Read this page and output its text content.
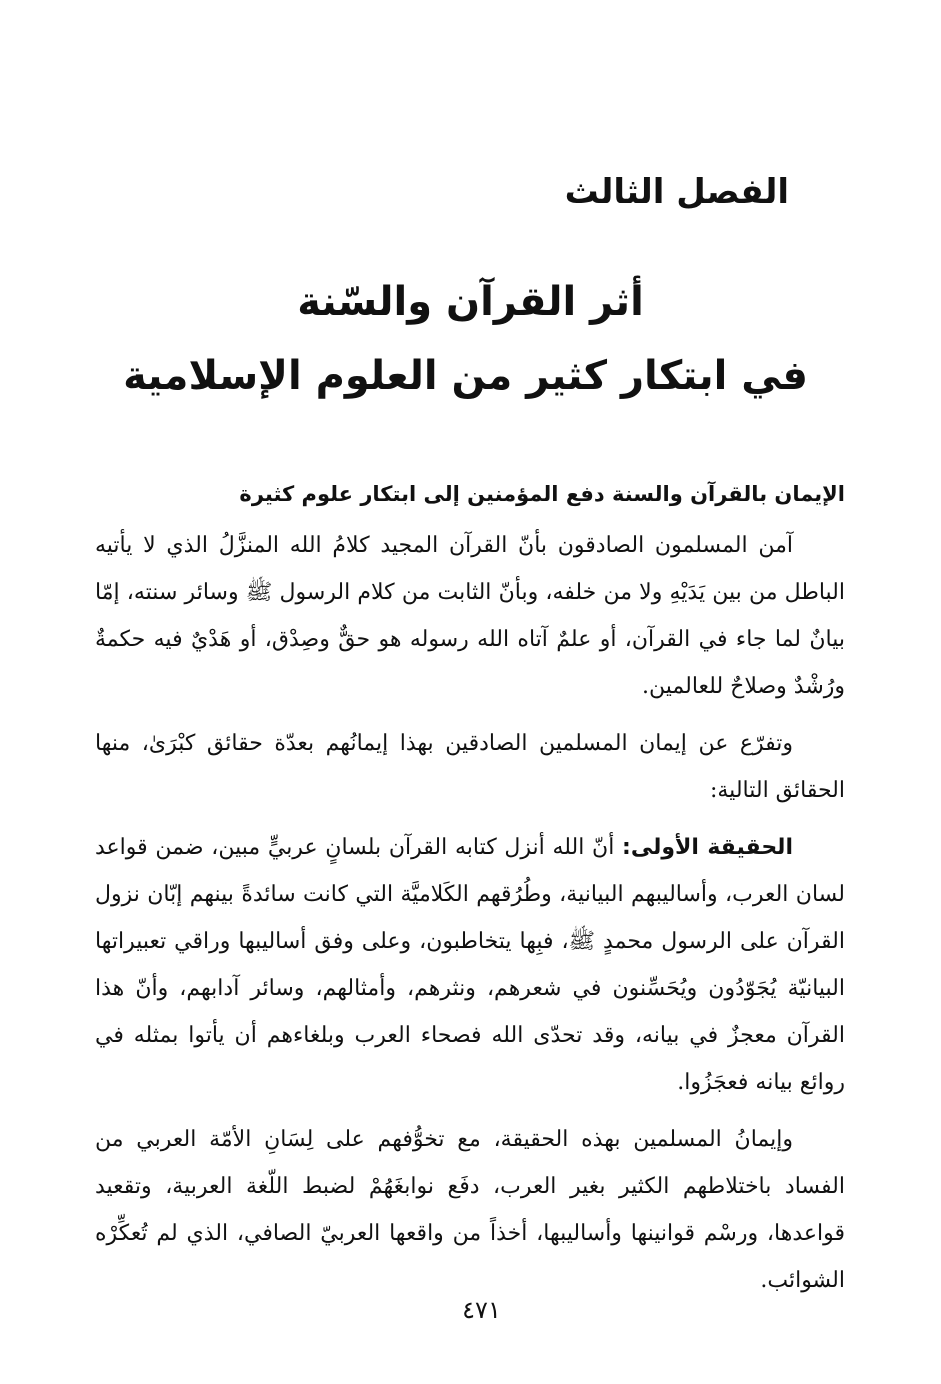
الفصل الثالث
أثر القرآن والسّنة
في ابتكار كثير من العلوم الإسلامية
الإيمان بالقرآن والسنة دفع المؤمنين إلى ابتكار علوم كثيرة

آمن المسلمون الصادقون بأنّ القرآن المجيد كلامُ الله المنزَّلُ الذي لا يأتيه الباطل من بين يَدَيْهِ ولا من خلفه، وبأنّ الثابت من كلام الرسول ﷺ وسائر سنته، إمّا بيانٌ لما جاء في القرآن، أو علمٌ آتاه الله رسوله هو حقٌّ وصِدْق، أو هَدْيٌ فيه حكمةٌ ورُشْدٌ وصلاحٌ للعالمين.

وتفرّع عن إيمان المسلمين الصادقين بهذا إيمانُهم بعدّة حقائق كبْرَىٰ، منها الحقائق التالية:

الحقيقة الأولى: أنّ الله أنزل كتابه القرآن بلسانٍ عربيٍّ مبين، ضمن قواعد لسان العرب، وأساليبهم البيانية، وطُرُقهم الكَلاميَّة التي كانت سائدةً بينهم إبّان نزول القرآن على الرسول محمدٍ ﷺ، فبِها يتخاطبون، وعلى وفق أساليبها وراقي تعبيراتها البيانيّة يُجَوّدُون ويُحَسِّنون في شعرهم، ونثرهم، وأمثالهم، وسائر آدابهم، وأنّ هذا القرآن معجزٌ في بيانه، وقد تحدّى الله فصحاء العرب وبلغاءهم أن يأتوا بمثله في روائع بيانه فعجَزُوا.

وإيمانُ المسلمين بهذه الحقيقة، مع تخوُّفهم على لِسَانِ الأمّة العربي من الفساد باختلاطهم الكثير بغير العرب، دفَع نوابغَهُمْ لضبط اللّغة العربية، وتقعيد قواعدها، ورسْم قوانينها وأساليبها، أخذاً من واقعها العربيّ الصافي، الذي لم تُعكِّرْه الشوائب.

٤٧١
